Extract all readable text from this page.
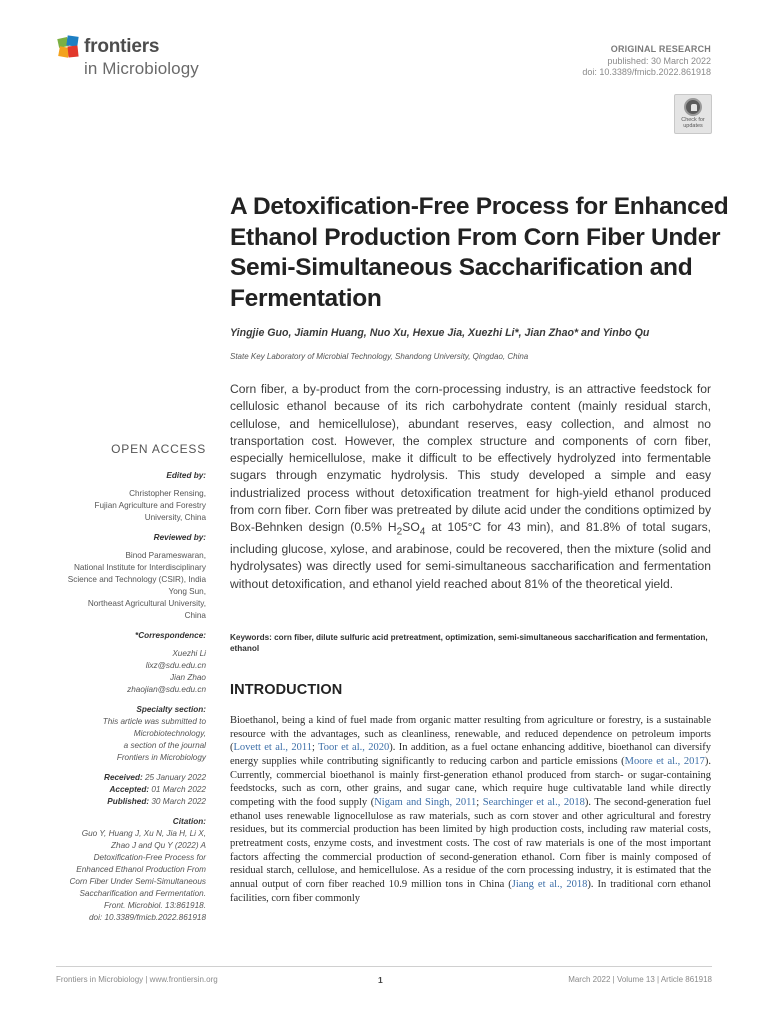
frontiers
in Microbiology
ORIGINAL RESEARCH
published: 30 March 2022
doi: 10.3389/fmicb.2022.861918
Check for
updates
A Detoxification-Free Process for Enhanced Ethanol Production From Corn Fiber Under Semi-Simultaneous Saccharification and Fermentation
Yingjie Guo, Jiamin Huang, Nuo Xu, Hexue Jia, Xuezhi Li*, Jian Zhao* and Yinbo Qu
State Key Laboratory of Microbial Technology, Shandong University, Qingdao, China
Corn fiber, a by-product from the corn-processing industry, is an attractive feedstock for cellulosic ethanol because of its rich carbohydrate content (mainly residual starch, cellulose, and hemicellulose), abundant reserves, easy collection, and almost no transportation cost. However, the complex structure and components of corn fiber, especially hemicellulose, make it difficult to be effectively hydrolyzed into fermentable sugars through enzymatic hydrolysis. This study developed a simple and easy industrialized process without detoxification treatment for high-yield ethanol produced from corn fiber. Corn fiber was pretreated by dilute acid under the conditions optimized by Box-Behnken design (0.5% $H_2SO_4$ at 105°C for 43 min), and 81.8% of total sugars, including glucose, xylose, and arabinose, could be recovered, then the mixture (solid and hydrolysates) was directly used for semi-simultaneous saccharification and fermentation without detoxification, and ethanol yield reached about 81% of the theoretical yield.
Keywords: corn fiber, dilute sulfuric acid pretreatment, optimization, semi-simultaneous saccharification and fermentation, ethanol
OPEN ACCESS
Edited by:
Christopher Rensing,
Fujian Agriculture and Forestry
University, China
Reviewed by:
Binod Parameswaran,
National Institute for Interdisciplinary
Science and Technology (CSIR), India
Yong Sun,
Northeast Agricultural University,
China
*Correspondence:
Xuezhi Li
lixz@sdu.edu.cn
Jian Zhao
zhaojian@sdu.edu.cn
Specialty section:
This article was submitted to
Microbiotechnology,
a section of the journal
Frontiers in Microbiology
Received: 25 January 2022
Accepted: 01 March 2022
Published: 30 March 2022
Citation:
Guo Y, Huang J, Xu N, Jia H, Li X,
Zhao J and Qu Y (2022) A
Detoxification-Free Process for
Enhanced Ethanol Production From
Corn Fiber Under Semi-Simultaneous
Saccharification and Fermentation.
Front. Microbiol. 13:861918.
doi: 10.3389/fmicb.2022.861918
INTRODUCTION
Bioethanol, being a kind of fuel made from organic matter resulting from agriculture or forestry, is a sustainable resource with the advantages, such as cleanliness, renewable, and reduced dependence on petroleum imports (Lovett et al., 2011; Toor et al., 2020). In addition, as a fuel octane enhancing additive, bioethanol can diversify energy supplies while contributing significantly to reducing carbon and particle emissions (Moore et al., 2017). Currently, commercial bioethanol is mainly first-generation ethanol produced from starch- or sugar-containing feedstocks, such as corn, other grains, and sugar cane, which require huge cultivatable land while directly competing with the food supply (Nigam and Singh, 2011; Searchinger et al., 2018). The second-generation fuel ethanol uses renewable lignocellulose as raw materials, such as corn stover and other agricultural and forestry residues, but its commercial production has been limited by high production costs, including raw material costs, pretreatment costs, enzyme costs, and investment costs. The cost of raw materials is one of the most important factors affecting the commercial production of second-generation ethanol. Corn fiber is mainly composed of residual starch, cellulose, and hemicellulose. As a residue of the corn processing industry, it is estimated that the annual output of corn fiber reached 10.9 million tons in China (Jiang et al., 2018). In traditional corn ethanol facilities, corn fiber commonly
Frontiers in Microbiology | www.frontiersin.org	1	March 2022 | Volume 13 | Article 861918
